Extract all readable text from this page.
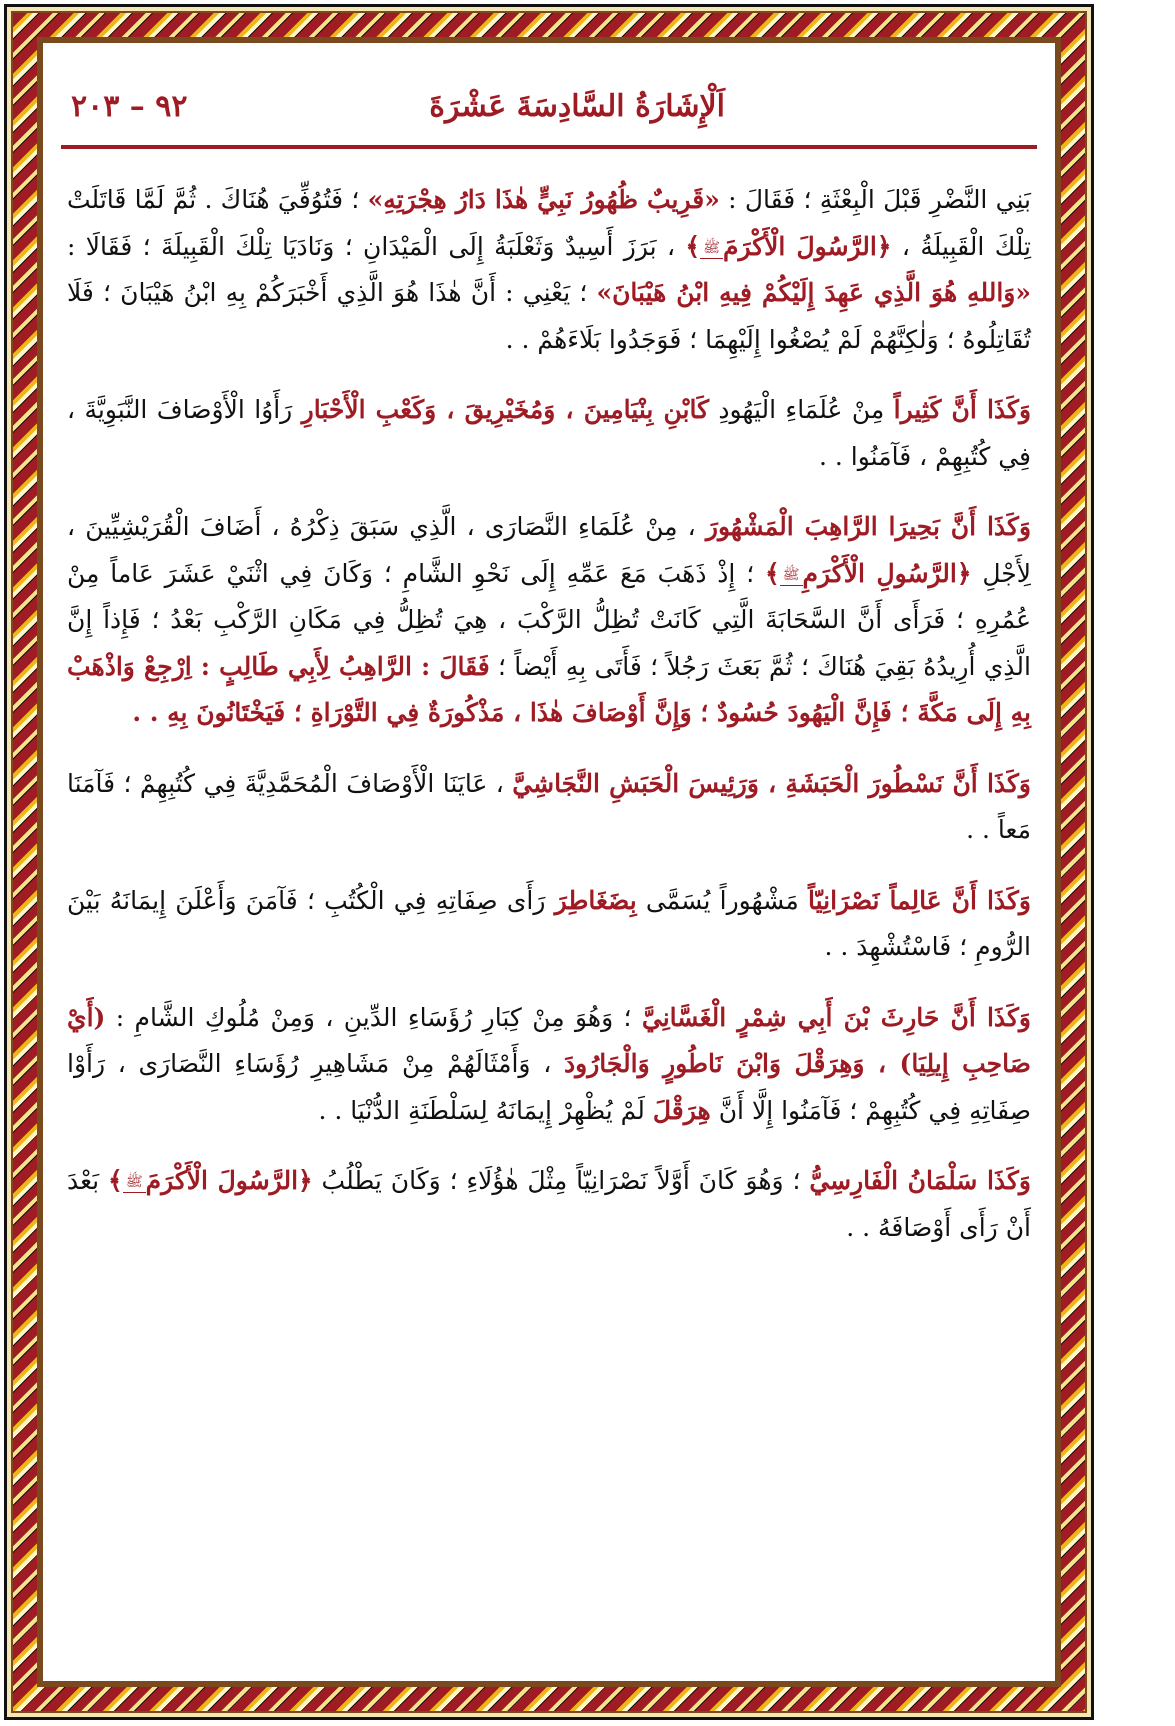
اَلْإِشَارَةُ السَّادِسَةَ عَشْرَةَ
٩٢ – ٢٠٣

بَنِي النَّضْرِ قَبْلَ الْبِعْثَةِ ؛ فَقَالَ : «قَرِيبٌ ظُهُورُ نَبِيٍّ هٰذَا دَارُ هِجْرَتِهِ» ؛ فَتُوُفِّيَ هُنَاكَ . ثُمَّ لَمَّا قَاتَلَتْ تِلْكَ الْقَبِيلَةُ ، ﴿الرَّسُولَ الْأَكْرَمَﷺ﴾ ، بَرَزَ أَسِيدٌ وَثَعْلَبَةُ إِلَى الْمَيْدَانِ ؛ وَنَادَيَا تِلْكَ الْقَبِيلَةَ ؛ فَقَالَا : «وَاللهِ هُوَ الَّذِي عَهِدَ إِلَيْكُمْ فِيهِ ابْنُ هَيْبَانَ» ؛ يَعْنِي : أَنَّ هٰذَا هُوَ الَّذِي أَخْبَرَكُمْ بِهِ ابْنُ هَيْبَانَ ؛ فَلَا تُقَاتِلُوهُ ؛ وَلٰكِنَّهُمْ لَمْ يُصْغُوا إِلَيْهِمَا ؛ فَوَجَدُوا بَلَاءَهُمْ . .

وَكَذَا أَنَّ كَثِيراً مِنْ عُلَمَاءِ الْيَهُودِ كَابْنِ بِنْيَامِينَ ، وَمُخَيْرِيقَ ، وَكَعْبِ الْأَحْبَارِ رَأَوُا الْأَوْصَافَ النَّبَوِيَّةَ ، فِي كُتُبِهِمْ ، فَآمَنُوا . .

وَكَذَا أَنَّ بَحِيرَا الرَّاهِبَ الْمَشْهُورَ ، مِنْ عُلَمَاءِ النَّصَارَى ، الَّذِي سَبَقَ ذِكْرُهُ ، أَضَافَ الْقُرَيْشِيِّينَ ، لِأَجْلِ ﴿الرَّسُولِ الْأَكْرَمِﷺ﴾ ؛ إِذْ ذَهَبَ مَعَ عَمِّهِ إِلَى نَحْوِ الشَّامِ ؛ وَكَانَ فِي اثْنَيْ عَشَرَ عَاماً مِنْ عُمُرِهِ ؛ فَرَأَى أَنَّ السَّحَابَةَ الَّتِي كَانَتْ تُظِلُّ الرَّكْبَ ، هِيَ تُظِلُّ فِي مَكَانِ الرَّكْبِ بَعْدُ ؛ فَإِذاً إِنَّ الَّذِي أُرِيدُهُ بَقِيَ هُنَاكَ ؛ ثُمَّ بَعَثَ رَجُلاً ؛ فَأَتَى بِهِ أَيْضاً ؛ فَقَالَ : الرَّاهِبُ لِأَبِي طَالِبٍ : اِرْجِعْ وَاذْهَبْ بِهِ إِلَى مَكَّةَ ؛ فَإِنَّ الْيَهُودَ حُسُودٌ ؛ وَإِنَّ أَوْصَافَ هٰذَا ، مَذْكُورَةٌ فِي التَّوْرَاةِ ؛ فَيَخْتَانُونَ بِهِ . .

وَكَذَا أَنَّ نَسْطُورَ الْحَبَشَةِ ، وَرَئِيسَ الْحَبَشِ النَّجَاشِيَّ ، عَايَنَا الْأَوْصَافَ الْمُحَمَّدِيَّةَ فِي كُتُبِهِمْ ؛ فَآمَنَا مَعاً . .

وَكَذَا أَنَّ عَالِماً نَصْرَانِيّاً مَشْهُوراً يُسَمَّى بِضَغَاطِرَ رَأَى صِفَاتِهِ فِي الْكُتُبِ ؛ فَآمَنَ وَأَعْلَنَ إِيمَانَهُ بَيْنَ الرُّومِ ؛ فَاسْتُشْهِدَ . .

وَكَذَا أَنَّ حَارِثَ بْنَ أَبِي شِمْرٍ الْغَسَّانِيَّ ؛ وَهُوَ مِنْ كِبَارِ رُؤَسَاءِ الدِّينِ ، وَمِنْ مُلُوكِ الشَّامِ : (أَيْ صَاحِبِ إِيلِيَا) ، وَهِرَقْلَ وَابْنَ نَاطُورٍ وَالْجَارُودَ ، وَأَمْثَالَهُمْ مِنْ مَشَاهِيرِ رُؤَسَاءِ النَّصَارَى ، رَأَوْا صِفَاتِهِ فِي كُتُبِهِمْ ؛ فَآمَنُوا إِلَّا أَنَّ هِرَقْلَ لَمْ يُظْهِرْ إِيمَانَهُ لِسَلْطَنَةِ الدُّنْيَا . .

وَكَذَا سَلْمَانُ الْفَارِسِيُّ ؛ وَهُوَ كَانَ أَوَّلاً نَصْرَانِيّاً مِثْلَ هٰؤُلَاءِ ؛ وَكَانَ يَطْلُبُ ﴿الرَّسُولَ الْأَكْرَمَﷺ﴾ بَعْدَ أَنْ رَأَى أَوْصَافَهُ . .
